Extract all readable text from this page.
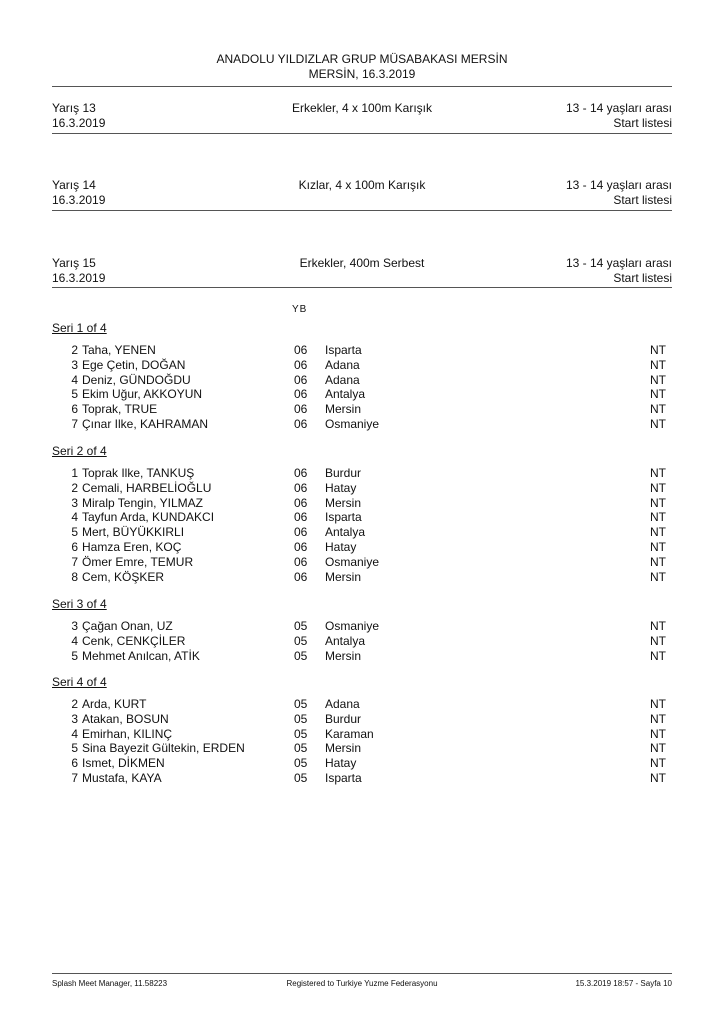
ANADOLU YILDIZLAR GRUP MÜSABAKASI MERSİN
MERSİN, 16.3.2019
Yarış 13	Erkekler, 4 x 100m Karışık	13 - 14 yaşları arası
16.3.2019	Start listesi
Yarış 14	Kızlar, 4 x 100m Karışık	13 - 14 yaşları arası
16.3.2019	Start listesi
Yarış 15	Erkekler, 400m Serbest	13 - 14 yaşları arası
16.3.2019	Start listesi
YB
Seri 1 of 4
2 Taha, YENEN	06 Isparta	NT
3 Ege Çetin, DOĞAN	06 Adana	NT
4 Deniz, GÜNDOĞDU	06 Adana	NT
5 Ekim Uğur, AKKOYUN	06 Antalya	NT
6 Toprak, TRUE	06 Mersin	NT
7 Çınar Ilke, KAHRAMAN	06 Osmaniye	NT
Seri 2 of 4
1 Toprak Ilke, TANKUŞ	06 Burdur	NT
2 Cemali, HARBELİOĞLU	06 Hatay	NT
3 Miralp Tengin, YILMAZ	06 Mersin	NT
4 Tayfun Arda, KUNDAKCI	06 Isparta	NT
5 Mert, BÜYÜKKIRLI	06 Antalya	NT
6 Hamza Eren, KOÇ	06 Hatay	NT
7 Ömer Emre, TEMUR	06 Osmaniye	NT
8 Cem, KÖŞKER	06 Mersin	NT
Seri 3 of 4
3 Çağan Onan, UZ	05 Osmaniye	NT
4 Cenk, CENKÇİLER	05 Antalya	NT
5 Mehmet Anılcan, ATİK	05 Mersin	NT
Seri 4 of 4
2 Arda, KURT	05 Adana	NT
3 Atakan, BOSUN	05 Burdur	NT
4 Emirhan, KILINÇ	05 Karaman	NT
5 Sina Bayezit Gültekin, ERDEN	05 Mersin	NT
6 Ismet, DİKMEN	05 Hatay	NT
7 Mustafa, KAYA	05 Isparta	NT
Splash Meet Manager, 11.58223	Registered to Turkiye Yuzme Federasyonu	15.3.2019 18:57 - Sayfa 10
